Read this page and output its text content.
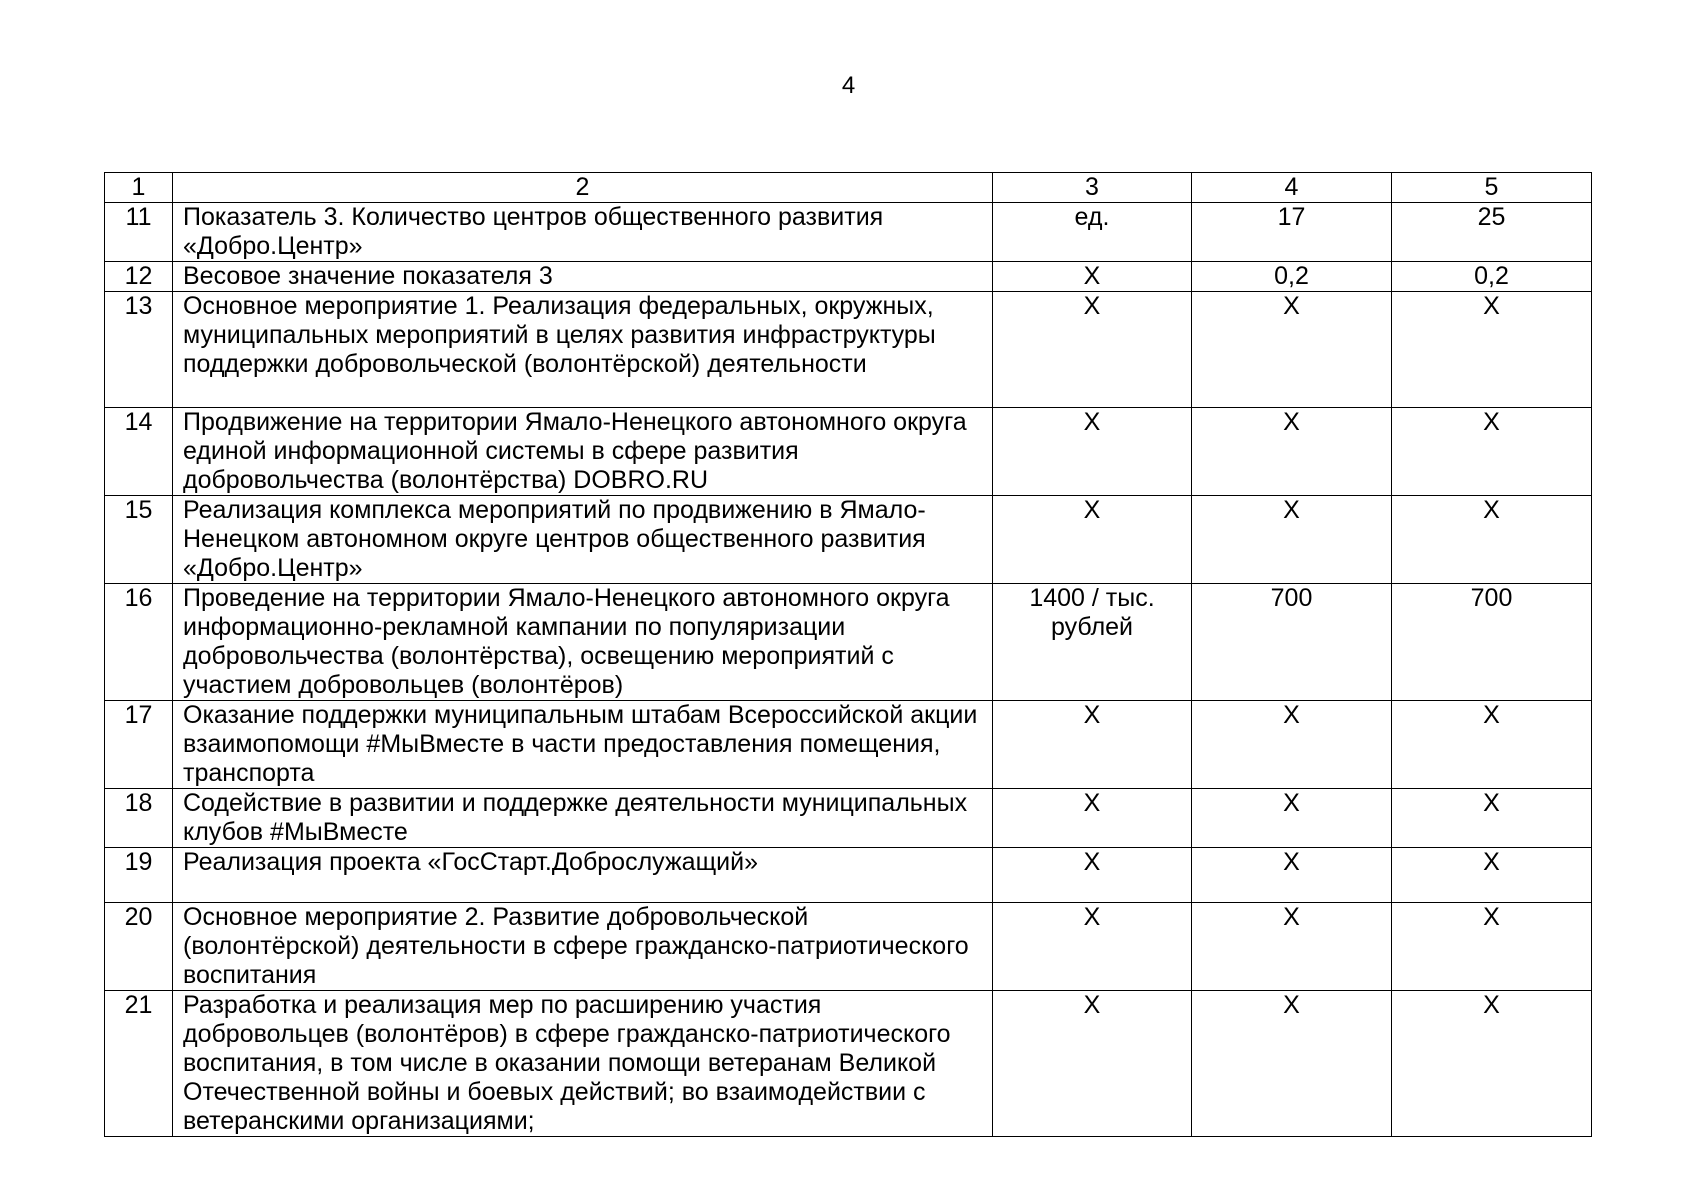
4
1	2	3	4	5
11	Показатель 3. Количество центров общественного развития «Добро.Центр»	ед.	17	25
12	Весовое значение показателя 3	Х	0,2	0,2
13	Основное мероприятие 1. Реализация федеральных, окружных, муниципальных мероприятий в целях развития инфраструктуры поддержки добровольческой (волонтёрской) деятельности	Х	Х	Х
14	Продвижение на территории Ямало-Ненецкого автономного округа единой информационной системы в сфере развития добровольчества (волонтёрства) DOBRO.RU	Х	Х	Х
15	Реализация комплекса мероприятий по продвижению в Ямало-Ненецком автономном округе центров общественного развития «Добро.Центр»	Х	Х	Х
16	Проведение на территории Ямало-Ненецкого автономного округа информационно-рекламной кампании по популяризации добровольчества (волонтёрства), освещению мероприятий с участием добровольцев (волонтёров)	1400 / тыс. рублей	700	700
17	Оказание поддержки муниципальным штабам Всероссийской акции взаимопомощи #МыВместе в части предоставления помещения, транспорта	Х	Х	Х
18	Содействие в развитии и поддержке деятельности муниципальных клубов #МыВместе	Х	Х	Х
19	Реализация проекта «ГосСтарт.Доброслужащий»	Х	Х	Х
20	Основное мероприятие 2. Развитие добровольческой (волонтёрской) деятельности в сфере гражданско-патриотического воспитания	Х	Х	Х
21	Разработка и реализация мер по расширению участия добровольцев (волонтёров) в сфере гражданско-патриотического воспитания, в том числе в оказании помощи ветеранам Великой Отечественной войны и боевых действий; во взаимодействии с ветеранскими организациями;	Х	Х	Х
